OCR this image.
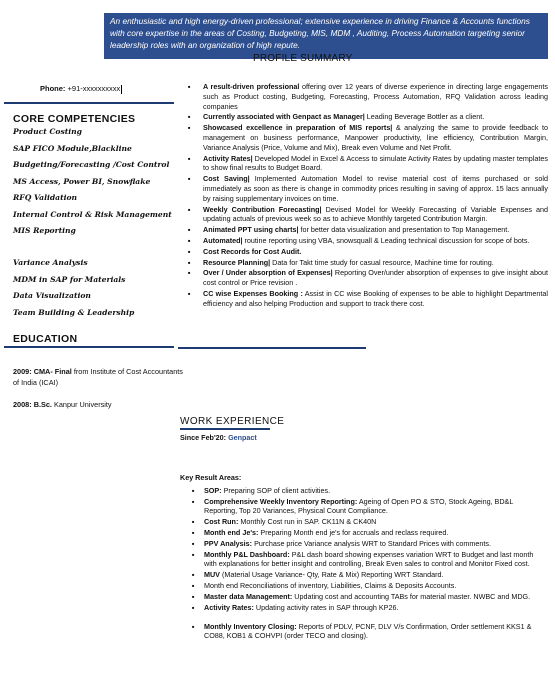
An enthusiastic and high energy-driven professional; extensive experience in driving Finance & Accounts functions with core expertise in the areas of Costing, Budgeting, MIS, MDM , Auditing, Process Automation targeting senior leadership roles with an organization of high repute.
PROFILE SUMMARY
Phone: +91-xxxxxxxxxx
CORE COMPETENCIES
Product Costing
SAP FICO Module,Blackline
Budgeting/Forecasting /Cost Control
MS Access, Power BI, Snowflake
RFQ Validation
Internal Control & Risk Management
MIS Reporting
Variance Analysis
MDM in SAP for Materials
Data Visualization
Team Building & Leadership
EDUCATION
2009: CMA- Final from Institute of Cost Accountants of India (ICAI)
2008: B.Sc. Kanpur University
■ A result-driven professional offering over 12 years of diverse experience in directing large engagements such as Product costing, Budgeting, Forecasting, Process Automation, RFQ Validation across leading companies
■ Currently associated with Genpact as Manager| Leading Beverage Bottler as a client.
■ Showcased excellence in preparation of MIS reports| & analyzing the same to provide feedback to management on business performance, Manpower productivity, line efficiency, Contribution Margin, Variance Analysis (Price, Volume and Mix), Break even Volume and Net Profit.
■ Activity Rates| Developed Model in Excel & Access to simulate Activity Rates by updating master templates to show final results to Budget Board.
■ Cost Saving| Implemented Automation Model to revise material cost of items purchased or sold immediately as soon as there is change in commodity prices resulting in saving of approx. 15 lacs annually by raising supplementary invoices on time.
■ Weekly Contribution Forecasting| Devised Model for Weekly Forecasting of Variable Expenses and updating actuals of previous week so as to achieve Monthly targeted Contribution Margin.
■ Animated PPT using charts| for better data visualization and presentation to Top Management.
■ Automated| routine reporting using VBA, snowsquall & Leading technical discussion for scope of bots.
■ Cost Records for Cost Audit.
■ Resource Planning| Data for Takt time study for casual resource, Machine time for routing.
■ Over / Under absorption of Expenses| Reporting Over/under absorption of expenses to give insight about cost control or Price revision .
■ CC wise Expenses Booking : Assist in CC wise Booking of expenses to be able to highlight Departmental efficiency and also helping Production and support to track there cost.
WORK EXPERIENCE
Since Feb'20: Genpact
Key Result Areas:
■ SOP: Preparing SOP of client activities.
■ Comprehensive Weekly Inventory Reporting: Ageing of Open PO & STO, Stock Ageing, BD&L Reporting, Top 20 Variances, Physical Count Compliance.
■ Cost Run: Monthly Cost run in SAP. CK11N & CK40N
■ Month end Je's: Preparing Month end je's for accruals and reclass required.
■ PPV Analysis: Purchase price Variance analysis WRT to Standard Prices with comments.
■ Monthly P&L Dashboard: P&L dash board showing expenses variation WRT to Budget and last month with explanations for better insight and controlling, Break Even sales to control and Monitor Fixed cost.
■ MUV (Material Usage Variance- Qty, Rate & Mix) Reporting WRT Standard.
■ Month end Reconciliations of inventory, Liabilities, Claims & Deposits Accounts.
■ Master data Management: Updating cost and accounting TABs for material master. NWBC and MDG.
■ Activity Rates: Updating activity rates in SAP through KP26.
■ Monthly Inventory Closing: Reports of PDLV, PCNF, DLV V/s Confirmation, Order settlement KKS1 & CO88, KOB1 & COHVPI (order TECO and closing).
